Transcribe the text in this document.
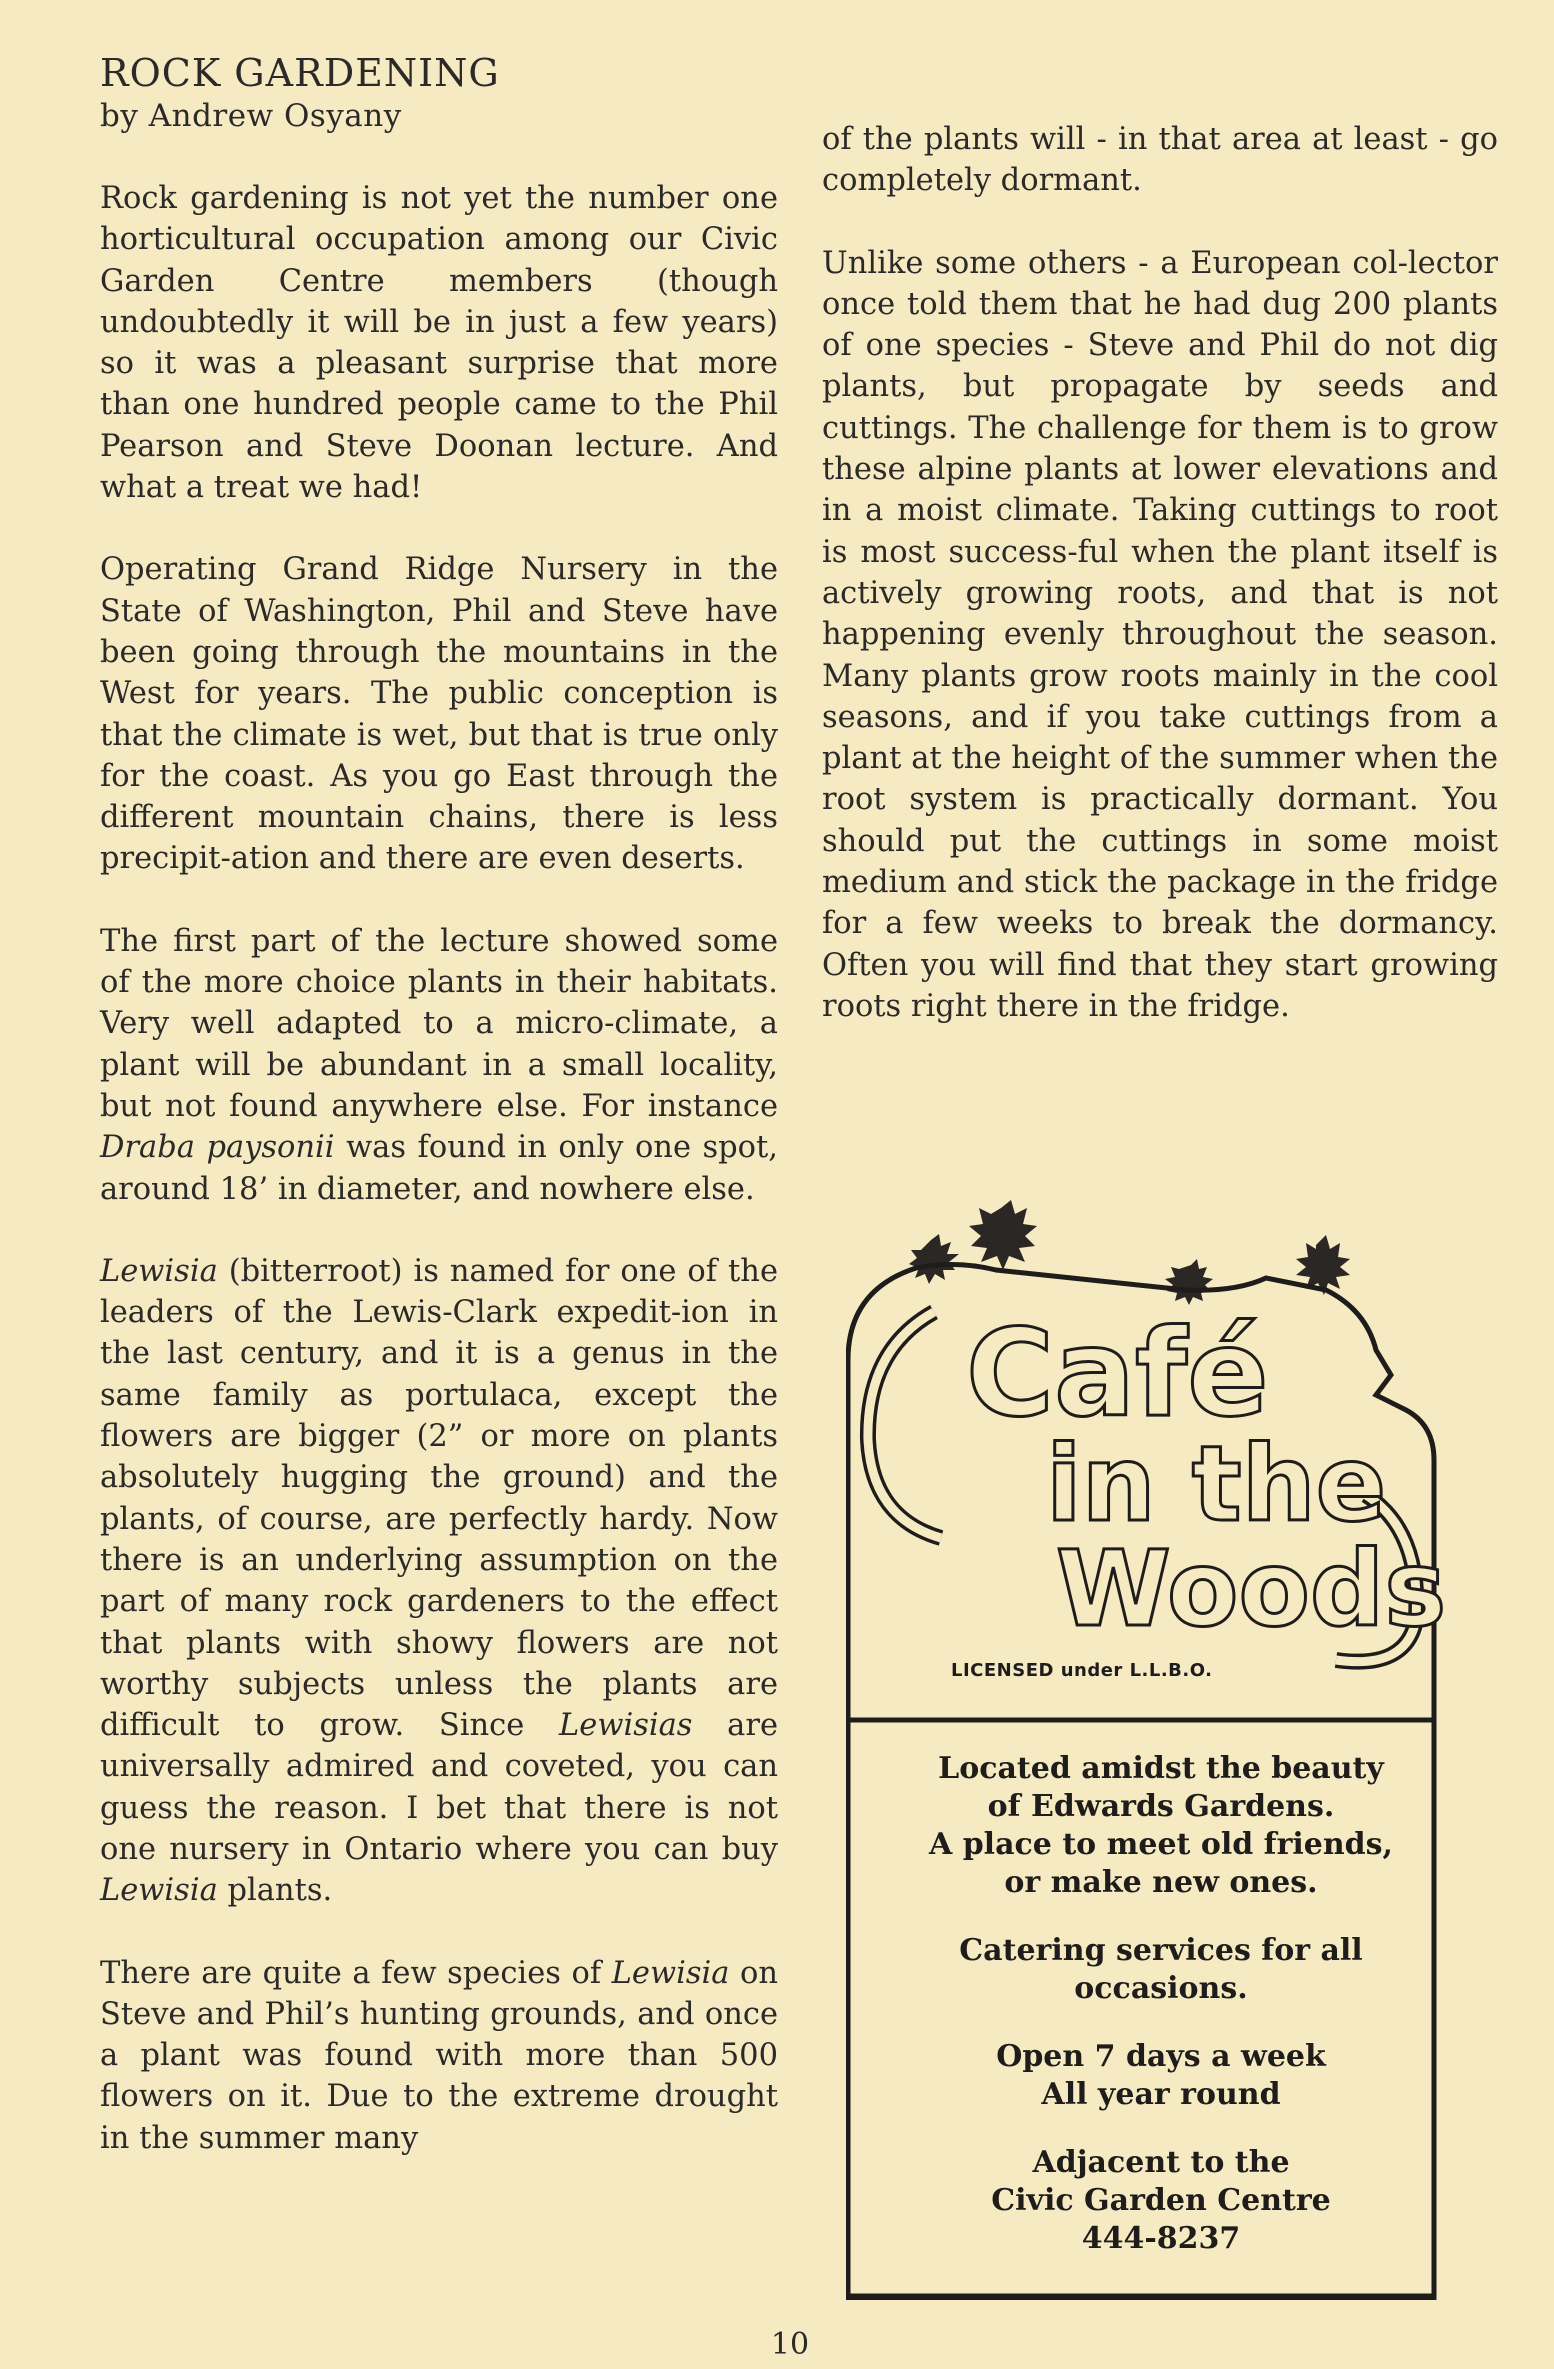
ROCK GARDENING

by Andrew Osyany

Rock gardening is not yet the number one horticultural occupation among our Civic Garden Centre members (though undoubtedly it will be in just a few years) so it was a pleasant surprise that more than one hundred people came to the Phil Pearson and Steve Doonan lecture. And what a treat we had!

Operating Grand Ridge Nursery in the State of Washington, Phil and Steve have been going through the mountains in the West for years. The public conception is that the climate is wet, but that is true only for the coast. As you go East through the different mountain chains, there is less precipit-ation and there are even deserts.

The first part of the lecture showed some of the more choice plants in their habitats. Very well adapted to a micro-climate, a plant will be abundant in a small locality, but not found anywhere else. For instance Draba paysonii was found in only one spot, around 18’ in diameter, and nowhere else.

Lewisia (bitterroot) is named for one of the leaders of the Lewis-Clark expedit-ion in the last century, and it is a genus in the same family as portulaca, except the flowers are bigger (2” or more on plants absolutely hugging the ground) and the plants, of course, are perfectly hardy. Now there is an underlying assumption on the part of many rock gardeners to the effect that plants with showy flowers are not worthy subjects unless the plants are difficult to grow. Since Lewisias are universally admired and coveted, you can guess the reason. I bet that there is not one nursery in Ontario where you can buy Lewisia plants.

There are quite a few species of Lewisia on Steve and Phil’s hunting grounds, and once a plant was found with more than 500 flowers on it. Due to the extreme drought in the summer many

of the plants will - in that area at least - go completely dormant.

Unlike some others - a European col-lector once told them that he had dug 200 plants of one species - Steve and Phil do not dig plants, but propagate by seeds and cuttings. The challenge for them is to grow these alpine plants at lower elevations and in a moist climate. Taking cuttings to root is most success-ful when the plant itself is actively growing roots, and that is not happening evenly throughout the season. Many plants grow roots mainly in the cool seasons, and if you take cuttings from a plant at the height of the summer when the root system is practically dormant. You should put the cuttings in some moist medium and stick the package in the fridge for a few weeks to break the dormancy. Often you will find that they start growing roots right there in the fridge.

Café
in the
Woods
LICENSED under L.L.B.O.
Located amidst the beauty
of Edwards Gardens.
A place to meet old friends,
or make new ones.
Catering services for all
occasions.
Open 7 days a week
All year round
Adjacent to the
Civic Garden Centre
444-8237
10
